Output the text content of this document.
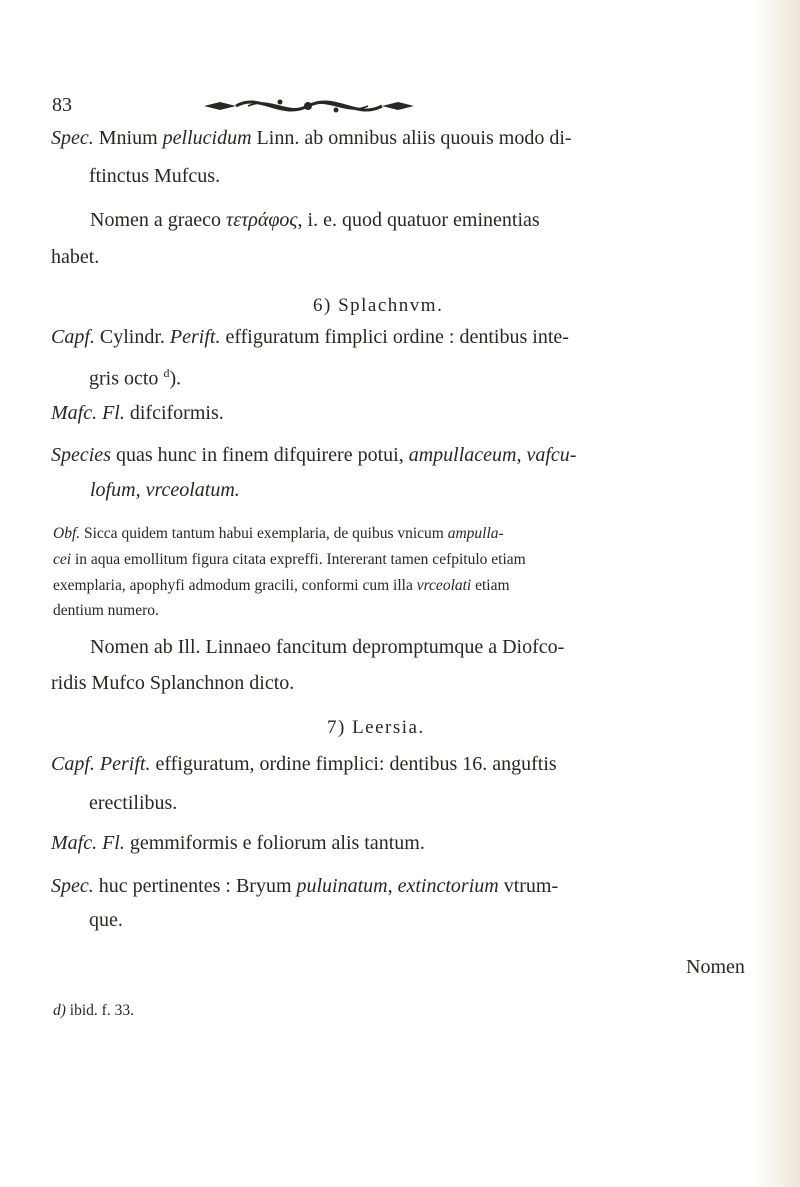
83
Spec. Mnium pellucidum Linn. ab omnibus aliis quouis modo di-
ftinctus Mufcus.
Nomen a graeco τετράφος, i. e. quod quatuor eminentias
habet.
6) Splachnvm.
Capf. Cylindr. Perift. effiguratum fimplici ordine : dentibus inte-
gris octo $^d$).
Mafc. Fl. difciformis.
Species quas hunc in finem difquirere potui, ampullaceum, vafcu-
lofum, vrceolatum.
Obf. Sicca quidem tantum habui exemplaria, de quibus vnicum ampulla-
cei in aqua emollitum figura citata expreffi. Intererant tamen cefpitulo etiam
exemplaria, apophyfi admodum gracili, conformi cum illa vrceolati etiam
dentium numero.
Nomen ab Ill. Linnaeo fancitum depromptumque a Diofco-
ridis Mufco Splanchnon dicto.
7) Leersia.
Capf. Perift. effiguratum, ordine fimplici: dentibus 16. anguftis
erectilibus.
Mafc. Fl. gemmiformis e foliorum alis tantum.
Spec. huc pertinentes : Bryum puluinatum, extinctorium vtrum-
que.
Nomen
d) ibid. f. 33.
